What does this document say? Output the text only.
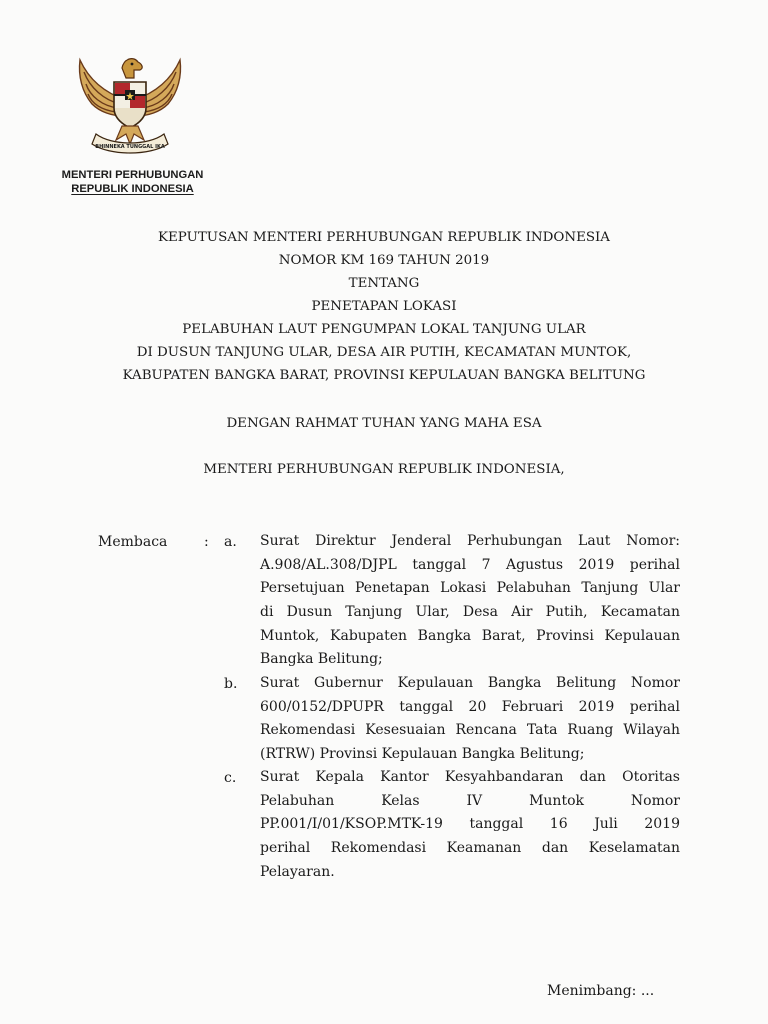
BHINNEKA TUNGGAL IKA
MENTERI PERHUBUNGAN
REPUBLIK INDONESIA
KEPUTUSAN MENTERI PERHUBUNGAN REPUBLIK INDONESIA
NOMOR KM 169 TAHUN 2019
TENTANG
PENETAPAN LOKASI
PELABUHAN LAUT PENGUMPAN LOKAL TANJUNG ULAR
DI DUSUN TANJUNG ULAR, DESA AIR PUTIH, KECAMATAN MUNTOK,
KABUPATEN BANGKA BARAT, PROVINSI KEPULAUAN BANGKA BELITUNG
DENGAN RAHMAT TUHAN YANG MAHA ESA
MENTERI PERHUBUNGAN REPUBLIK INDONESIA,
Membaca	: a. Surat Direktur Jenderal Perhubungan Laut Nomor:
A.908/AL.308/DJPL tanggal 7 Agustus 2019 perihal
Persetujuan Penetapan Lokasi Pelabuhan Tanjung Ular
di Dusun Tanjung Ular, Desa Air Putih, Kecamatan
Muntok, Kabupaten Bangka Barat, Provinsi Kepulauan
Bangka Belitung;
b. Surat Gubernur Kepulauan Bangka Belitung Nomor
600/0152/DPUPR tanggal 20 Februari 2019 perihal
Rekomendasi Kesesuaian Rencana Tata Ruang Wilayah
(RTRW) Provinsi Kepulauan Bangka Belitung;
c. Surat Kepala Kantor Kesyahbandaran dan Otoritas
Pelabuhan Kelas IV Muntok Nomor
PP.001/I/01/KSOP.MTK-19 tanggal 16 Juli 2019
perihal Rekomendasi Keamanan dan Keselamatan
Pelayaran.
Menimbang: ...
